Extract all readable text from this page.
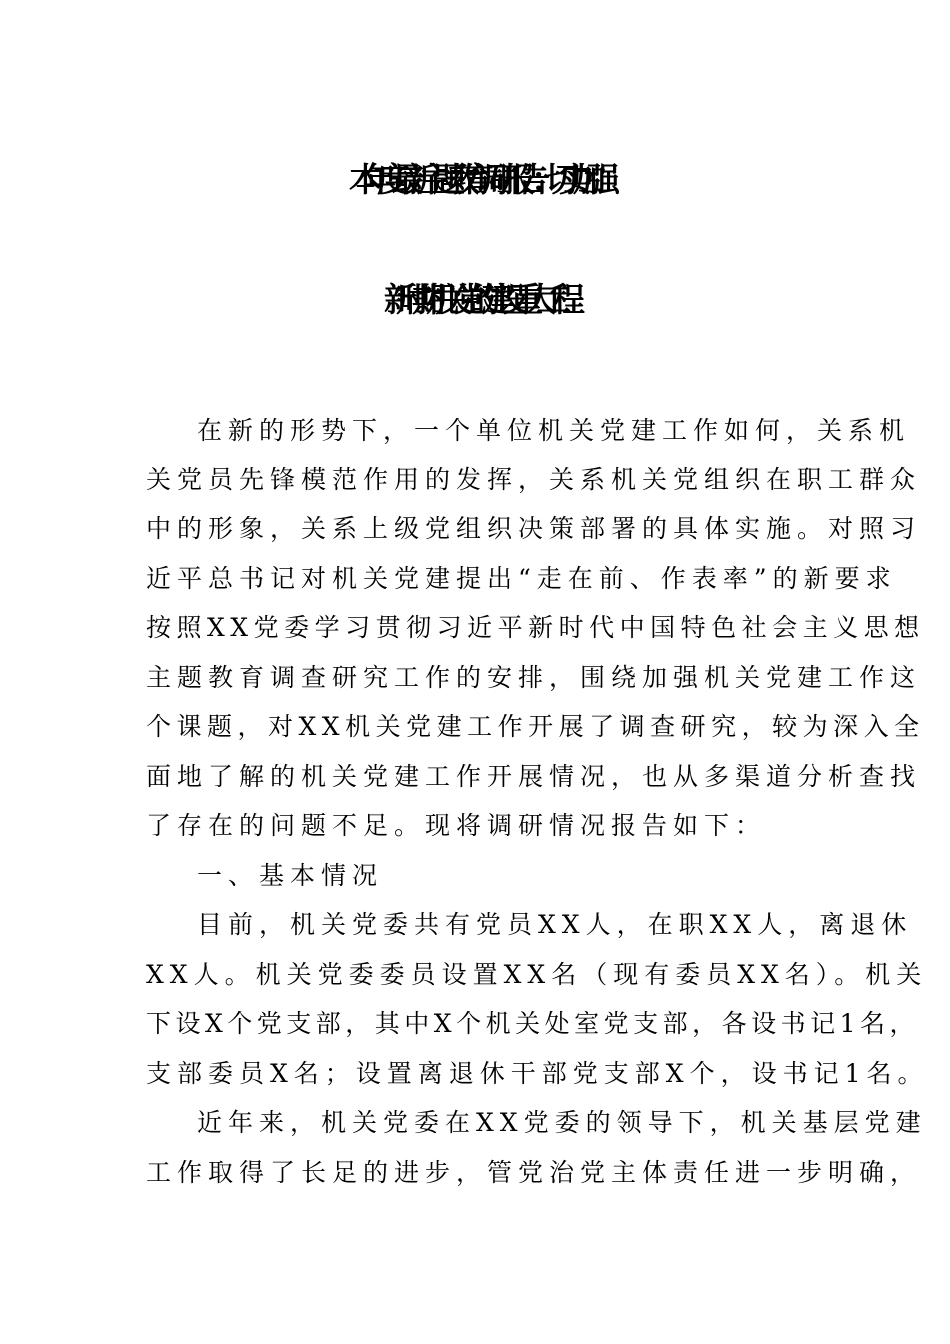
本年度最新主题教育调研报告：切实加强
新时期机关党的建设重大工程
在新的形势下，一个单位机关党建工作如何，关系机
关党员先锋模范作用的发挥，关系机关党组织在职工群众
中的形象，关系上级党组织决策部署的具体实施。对照习
近平总书记对机关党建提出“走在前、作表率”的新要求
按照XX党委学习贯彻习近平新时代中国特色社会主义思想
主题教育调查研究工作的安排，围绕加强机关党建工作这
个课题，对XX机关党建工作开展了调查研究，较为深入全
面地了解的机关党建工作开展情况，也从多渠道分析查找
了存在的问题不足。现将调研情况报告如下：
一、基本情况
目前，机关党委共有党员XX人，在职XX人，离退休
XX人。机关党委委员设置XX名（现有委员XX名）。机关
下设X个党支部，其中X个机关处室党支部，各设书记1名，
支部委员X名；设置离退休干部党支部X个，设书记1名。
近年来，机关党委在XX党委的领导下，机关基层党建
工作取得了长足的进步，管党治党主体责任进一步明确，
